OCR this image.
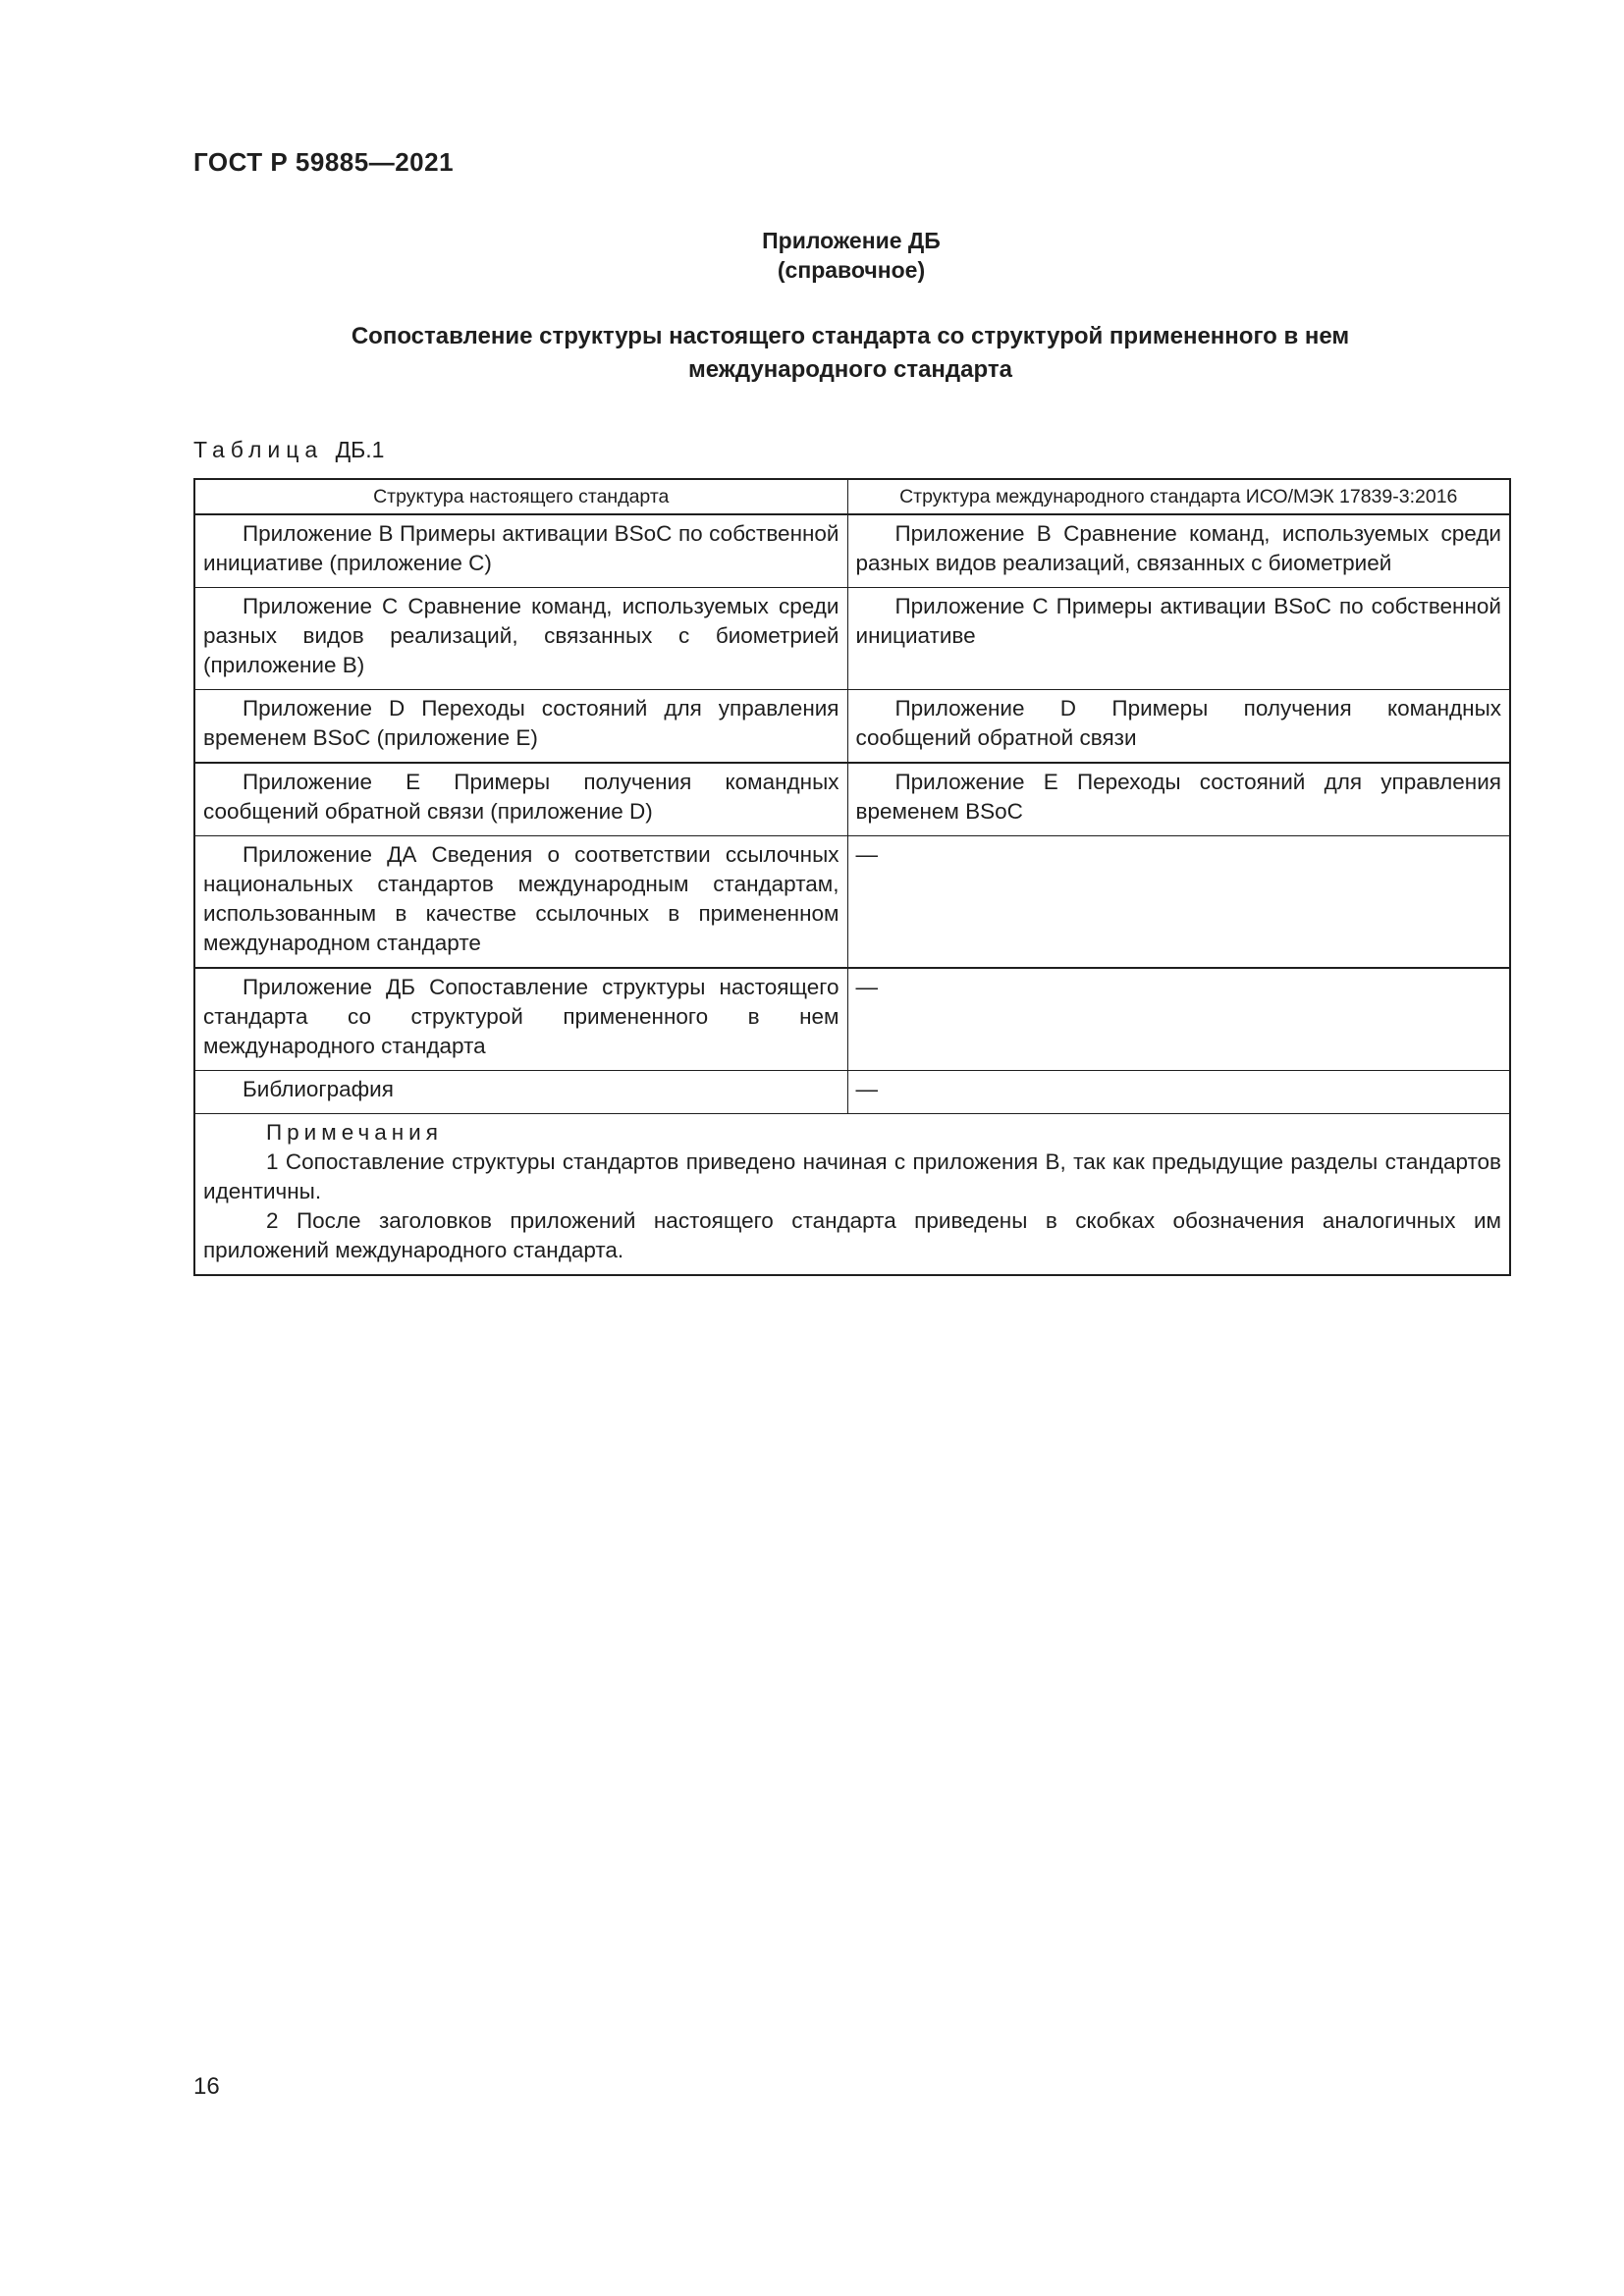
ГОСТ Р 59885—2021
Приложение ДБ
(справочное)
Сопоставление структуры настоящего стандарта со структурой примененного в нем
международного стандарта
Таблица ДБ.1
Структура настоящего стандарта	Структура международного стандарта ИСО/МЭК 17839-3:2016

Приложение В Примеры активации BSoC по собственной инициативе (приложение С)	Приложение В Сравнение команд, используемых среди разных видов реализаций, связанных с биометрией

Приложение С Сравнение команд, используемых среди разных видов реализаций, связанных с биометрией (приложение В)	Приложение С Примеры активации BSoC по собственной инициативе

Приложение D Переходы состояний для управления временем BSoC (приложение Е)	Приложение D Примеры получения командных сообщений обратной связи

Приложение Е Примеры получения командных сообщений обратной связи (приложение D)	Приложение Е Переходы состояний для управления временем BSoC

Приложение ДА Сведения о соответствии ссылочных национальных стандартов международным стандартам, использованным в качестве ссылочных в примененном международном стандарте	—

Приложение ДБ Сопоставление структуры настоящего стандарта со структурой примененного в нем международного стандарта	—

Библиография	—

Примечания
1 Сопоставление структуры стандартов приведено начиная с приложения В, так как предыдущие разделы стандартов идентичны.
2 После заголовков приложений настоящего стандарта приведены в скобках обозначения аналогичных им приложений международного стандарта.	
16
